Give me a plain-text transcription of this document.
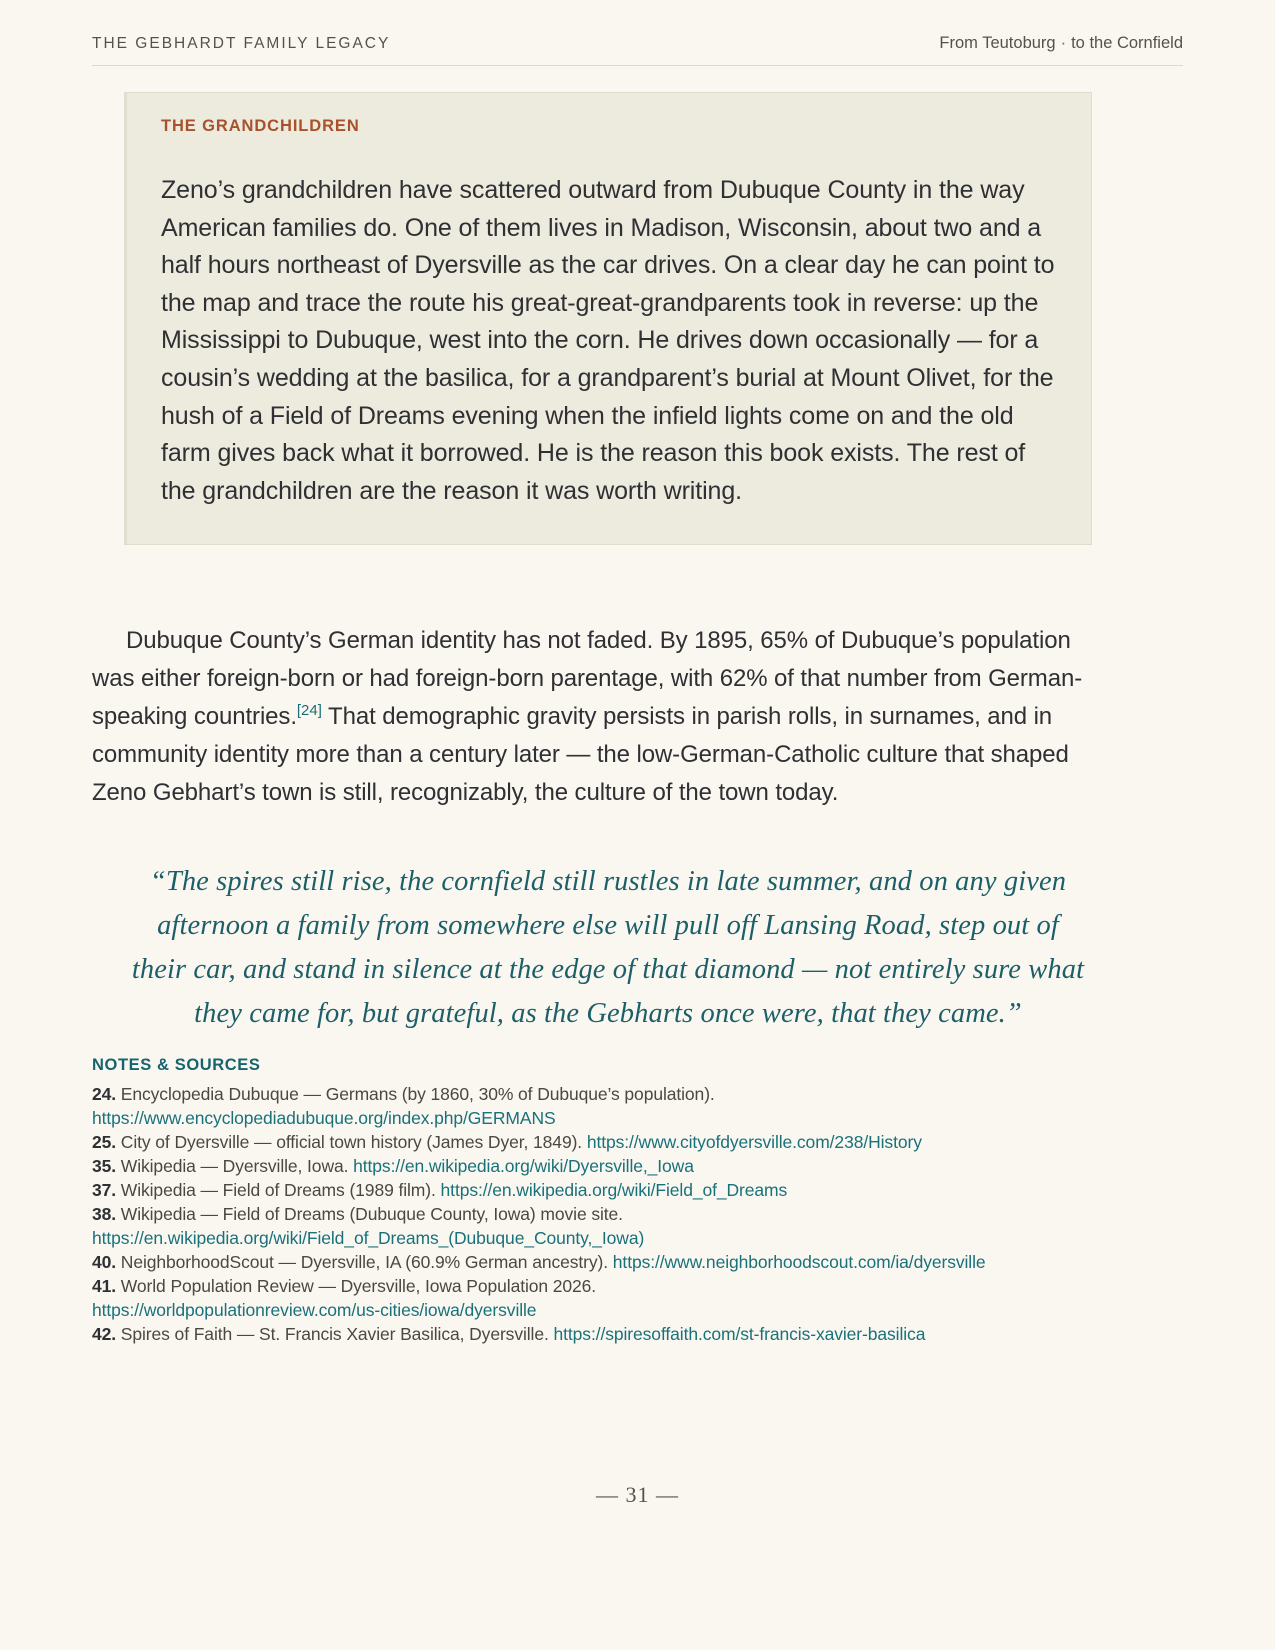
THE GEBHARDT FAMILY LEGACY	From Teutoburg · to the Cornfield
THE GRANDCHILDREN
Zeno’s grandchildren have scattered outward from Dubuque County in the way American families do. One of them lives in Madison, Wisconsin, about two and a half hours northeast of Dyersville as the car drives. On a clear day he can point to the map and trace the route his great-great-grandparents took in reverse: up the Mississippi to Dubuque, west into the corn. He drives down occasionally — for a cousin’s wedding at the basilica, for a grandparent’s burial at Mount Olivet, for the hush of a Field of Dreams evening when the infield lights come on and the old farm gives back what it borrowed. He is the reason this book exists. The rest of the grandchildren are the reason it was worth writing.

Dubuque County’s German identity has not faded. By 1895, 65% of Dubuque’s population was either foreign-born or had foreign-born parentage, with 62% of that number from German-speaking countries.[24] That demographic gravity persists in parish rolls, in surnames, and in community identity more than a century later — the low-German-Catholic culture that shaped Zeno Gebhart’s town is still, recognizably, the culture of the town today.

“The spires still rise, the cornfield still rustles in late summer, and on any given afternoon a family from somewhere else will pull off Lansing Road, step out of their car, and stand in silence at the edge of that diamond — not entirely sure what they came for, but grateful, as the Gebharts once were, that they came.”
NOTES & SOURCES
24. Encyclopedia Dubuque — Germans (by 1860, 30% of Dubuque’s population).
https://www.encyclopediadubuque.org/index.php/GERMANS
25. City of Dyersville — official town history (James Dyer, 1849). https://www.cityofdyersville.com/238/History
35. Wikipedia — Dyersville, Iowa. https://en.wikipedia.org/wiki/Dyersville,_Iowa
37. Wikipedia — Field of Dreams (1989 film). https://en.wikipedia.org/wiki/Field_of_Dreams
38. Wikipedia — Field of Dreams (Dubuque County, Iowa) movie site.
https://en.wikipedia.org/wiki/Field_of_Dreams_(Dubuque_County,_Iowa)
40. NeighborhoodScout — Dyersville, IA (60.9% German ancestry). https://www.neighborhoodscout.com/ia/dyersville
41. World Population Review — Dyersville, Iowa Population 2026.
https://worldpopulationreview.com/us-cities/iowa/dyersville
42. Spires of Faith — St. Francis Xavier Basilica, Dyersville. https://spiresoffaith.com/st-francis-xavier-basilica
— 31 —
